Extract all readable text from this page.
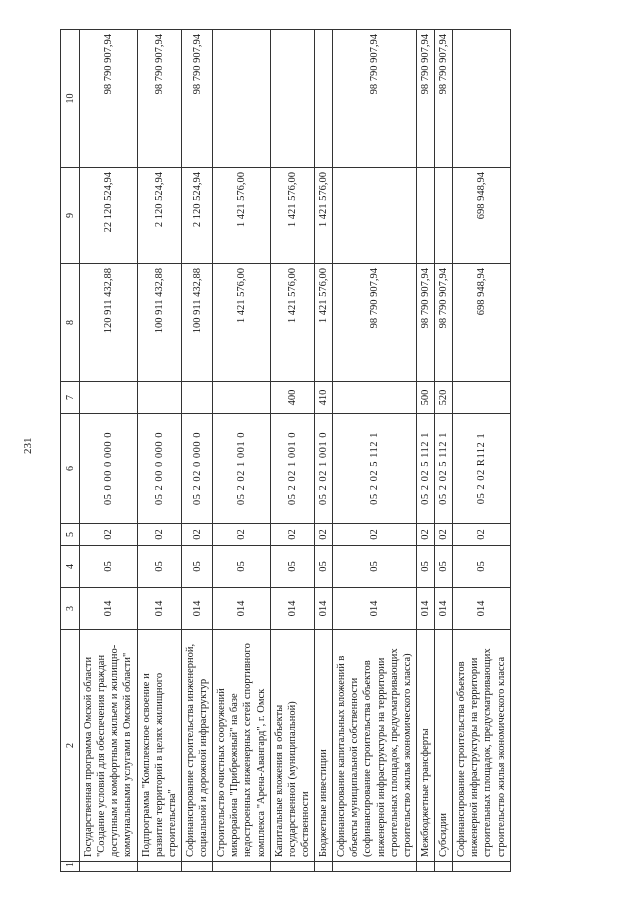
231
1	2	3	4	5	6	7	8	9	10
	Государственная программа Омской области "Создание условий для обеспечения граждан доступным и комфортным жильем и жилищно-коммунальными услугами в Омской области"	014	05	02	05 0 00 0 000 0		120 911 432,88	22 120 524,94	98 790 907,94
	Подпрограмма "Комплексное освоение и развитие территорий в целях жилищного строительства"	014	05	02	05 2 00 0 000 0		100 911 432,88	2 120 524,94	98 790 907,94
	Софинансирование строительства инженерной, социальной и дорожной инфраструктур	014	05	02	05 2 02 0 000 0		100 911 432,88	2 120 524,94	98 790 907,94
	Строительство очистных сооружений микрорайона "Прибрежный" на базе недостроенных инженерных сетей спортивного комплекса "Арена-Авангард", г. Омск	014	05	02	05 2 02 1 001 0		1 421 576,00	1 421 576,00	
	Капитальные вложения в объекты государственной (муниципальной) собственности	014	05	02	05 2 02 1 001 0	400	1 421 576,00	1 421 576,00	
	Бюджетные инвестиции	014	05	02	05 2 02 1 001 0	410	1 421 576,00	1 421 576,00	
	Софинансирование капитальных вложений в объекты муниципальной собственности (софинансирование строительства объектов инженерной инфраструктуры на территории строительных площадок, предусматривающих строительство жилья экономического класса)	014	05	02	05 2 02 5 112 1		98 790 907,94		98 790 907,94
	Межбюджетные трансферты	014	05	02	05 2 02 5 112 1	500	98 790 907,94		98 790 907,94
	Субсидии	014	05	02	05 2 02 5 112 1	520	98 790 907,94		98 790 907,94
	Софинансирование строительства объектов инженерной инфраструктуры на территории строительных площадок, предусматривающих строительство жилья экономического класса	014	05	02	05 2 02 R112 1		698 948,94	698 948,94	
